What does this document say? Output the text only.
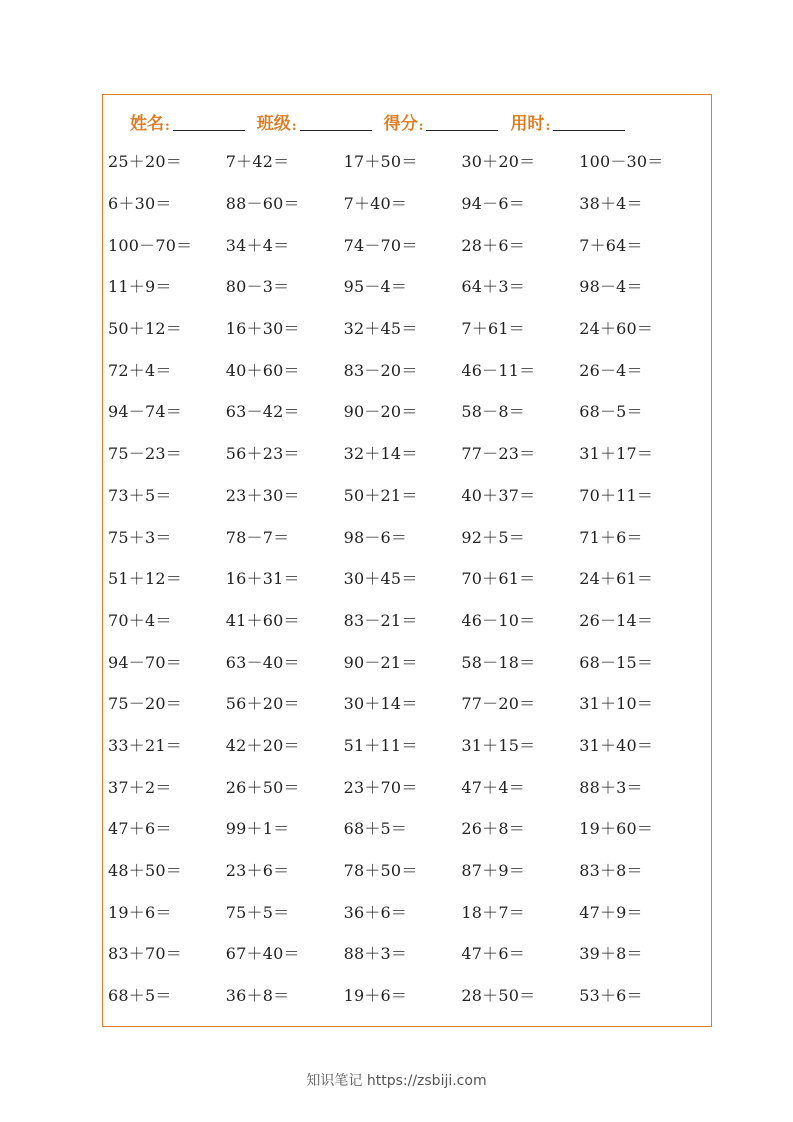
姓名 :	班级 :	得分 :	用时 :
25＋20＝	7＋42＝	17＋50＝	30＋20＝	100－30＝
6＋30＝	88－60＝	7＋40＝	94－6＝	38＋4＝
100－70＝	34＋4＝	74－70＝	28＋6＝	7＋64＝
11＋9＝	80－3＝	95－4＝	64＋3＝	98－4＝
50＋12＝	16＋30＝	32＋45＝	7＋61＝	24＋60＝
72＋4＝	40＋60＝	83－20＝	46－11＝	26－4＝
94－74＝	63－42＝	90－20＝	58－8＝	68－5＝
75－23＝	56＋23＝	32＋14＝	77－23＝	31＋17＝
73＋5＝	23＋30＝	50＋21＝	40＋37＝	70＋11＝
75＋3＝	78－7＝	98－6＝	92＋5＝	71＋6＝
51＋12＝	16＋31＝	30＋45＝	70＋61＝	24＋61＝
70＋4＝	41＋60＝	83－21＝	46－10＝	26－14＝
94－70＝	63－40＝	90－21＝	58－18＝	68－15＝
75－20＝	56＋20＝	30＋14＝	77－20＝	31＋10＝
33＋21＝	42＋20＝	51＋11＝	31＋15＝	31＋40＝
37＋2＝	26＋50＝	23＋70＝	47＋4＝	88＋3＝
47＋6＝	99＋1＝	68＋5＝	26＋8＝	19＋60＝
48＋50＝	23＋6＝	78＋50＝	87＋9＝	83＋8＝
19＋6＝	75＋5＝	36＋6＝	18＋7＝	47＋9＝
83＋70＝	67＋40＝	88＋3＝	47＋6＝	39＋8＝
68＋5＝	36＋8＝	19＋6＝	28＋50＝	53＋6＝
知识笔记 https://zsbiji.com
